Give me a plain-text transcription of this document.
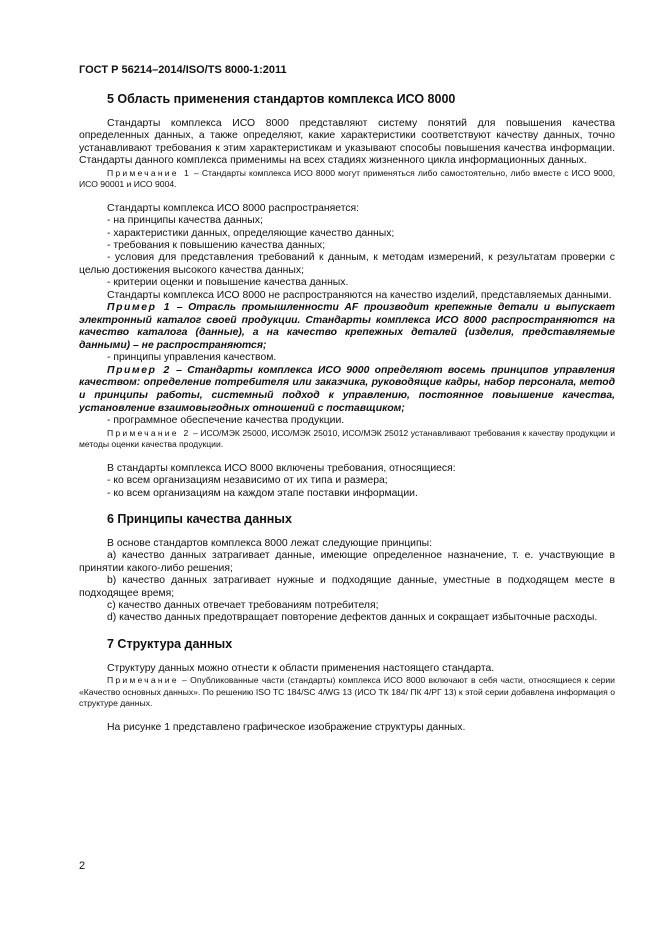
ГОСТ Р 56214–2014/ISO/TS 8000-1:2011
5 Область применения стандартов комплекса ИСО 8000

Стандарты комплекса ИСО 8000 представляют систему понятий для повышения качества определенных данных, а также определяют, какие характеристики соответствуют качеству данных, точно устанавливают требования к этим характеристикам и указывают способы повышения качества информации. Стандарты данного комплекса применимы на всех стадиях жизненного цикла информационных данных.

Примечание 1 – Стандарты комплекса ИСО 8000 могут применяться либо самостоятельно, либо вместе с ИСО 9000, ИСО 90001 и ИСО 9004.

Стандарты комплекса ИСО 8000 распространяется:

- на принципы качества данных;

- характеристики данных, определяющие качество данных;

- требования к повышению качества данных;

- условия для представления требований к данным, к методам измерений, к результатам проверки с целью достижения высокого качества данных;

- критерии оценки и повышение качества данных.

Стандарты комплекса ИСО 8000 не распространяются на качество изделий, представляемых данными.

Пример 1 – Отрасль промышленности AF производит крепежные детали и выпускает электронный каталог своей продукции. Стандарты комплекса ИСО 8000 распространяются на качество каталога (данные), а на качество крепежных деталей (изделия, представляемые данными) – не распространяются;

- принципы управления качеством.

Пример 2 – Стандарты комплекса ИСО 9000 определяют восемь принципов управления качеством: определение потребителя или заказчика, руководящие кадры, набор персонала, метод и принципы работы, системный подход к управлению, постоянное повышение качества, установление взаимовыгодных отношений с поставщиком;

- программное обеспечение качества продукции.

Примечание 2 – ИСО/МЭК 25000, ИСО/МЭК 25010, ИСО/МЭК 25012 устанавливают требования к качеству продукции и методы оценки качества продукции.

В стандарты комплекса ИСО 8000 включены требования, относящиеся:

- ко всем организациям независимо от их типа и размера;

- ко всем организациям на каждом этапе поставки информации.

6 Принципы качества данных

В основе стандартов комплекса 8000 лежат следующие принципы:

a) качество данных затрагивает данные, имеющие определенное назначение, т. е. участвующие в принятии какого-либо решения;

b) качество данных затрагивает нужные и подходящие данные, уместные в подходящем месте в подходящее время;

c) качество данных отвечает требованиям потребителя;

d) качество данных предотвращает повторение дефектов данных и сокращает избыточные расходы.

7 Структура данных

Структуру данных можно отнести к области применения настоящего стандарта.

Примечание – Опубликованные части (стандарты) комплекса ИСО 8000 включают в себя части, относящиеся к серии «Качество основных данных». По решению ISO TC 184/SC 4/WG 13 (ИСО ТК 184/ ПК 4/РГ 13) к этой серии добавлена информация о структуре данных.

На рисунке 1 представлено графическое изображение структуры данных.

2
